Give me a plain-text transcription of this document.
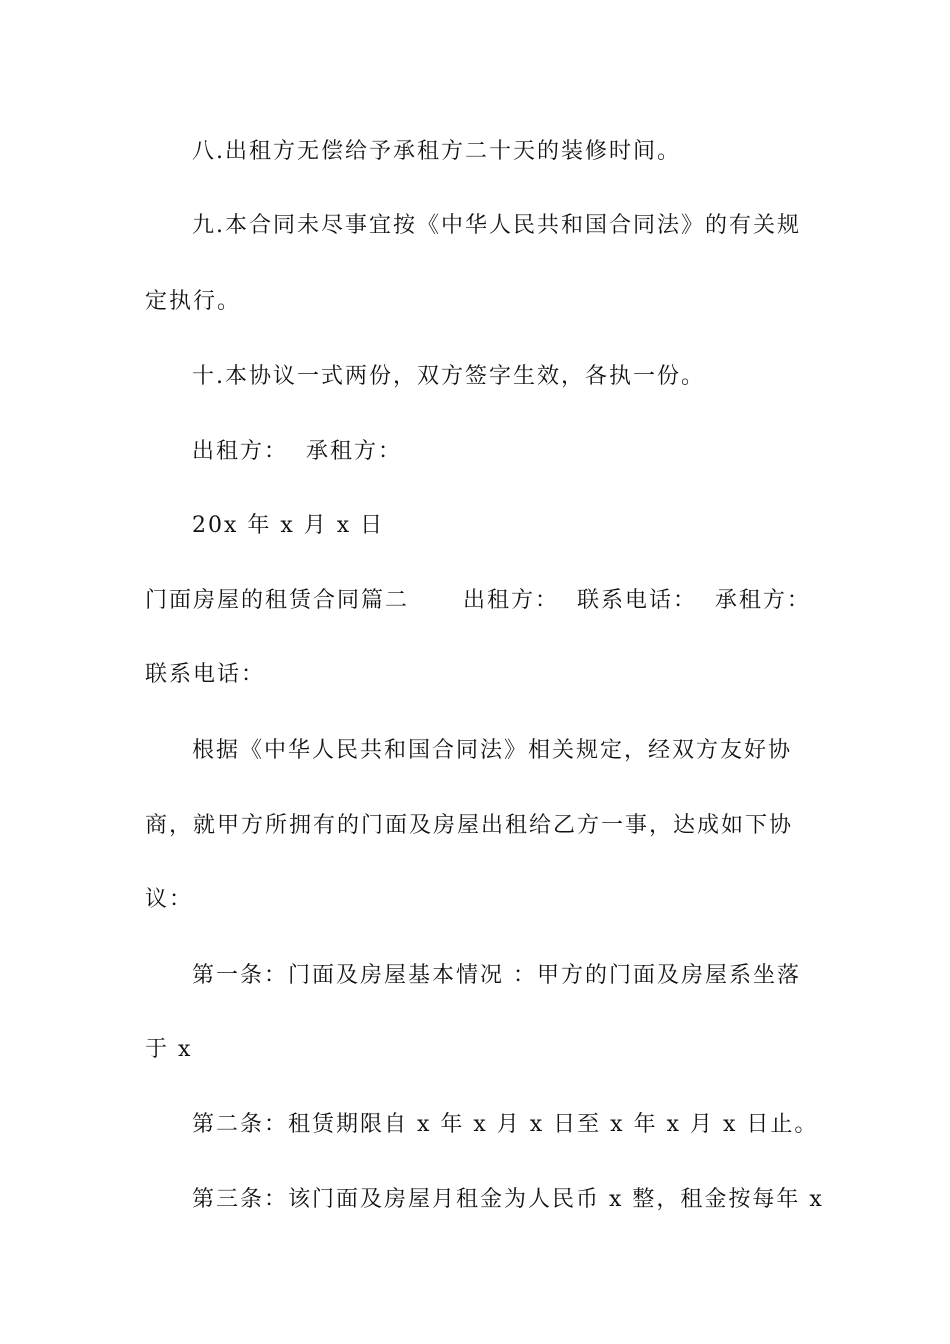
八.出租方无偿给予承租方二十天的装修时间。
九.本合同未尽事宜按《中华人民共和国合同法》的有关规
定执行。
十.本协议一式两份，双方签字生效，各执一份。
出租方：  承租方：
20x 年 x 月 x 日
门面房屋的租赁合同篇二      出租方：  联系电话：  承租方：
联系电话：
根据《中华人民共和国合同法》相关规定，经双方友好协
商，就甲方所拥有的门面及房屋出租给乙方一事，达成如下协
议：
第一条：门面及房屋基本情况 ：甲方的门面及房屋系坐落
于 x
第二条：租赁期限自 x 年 x 月 x 日至 x 年 x 月 x 日止。
第三条：该门面及房屋月租金为人民币 x 整，租金按每年 x
